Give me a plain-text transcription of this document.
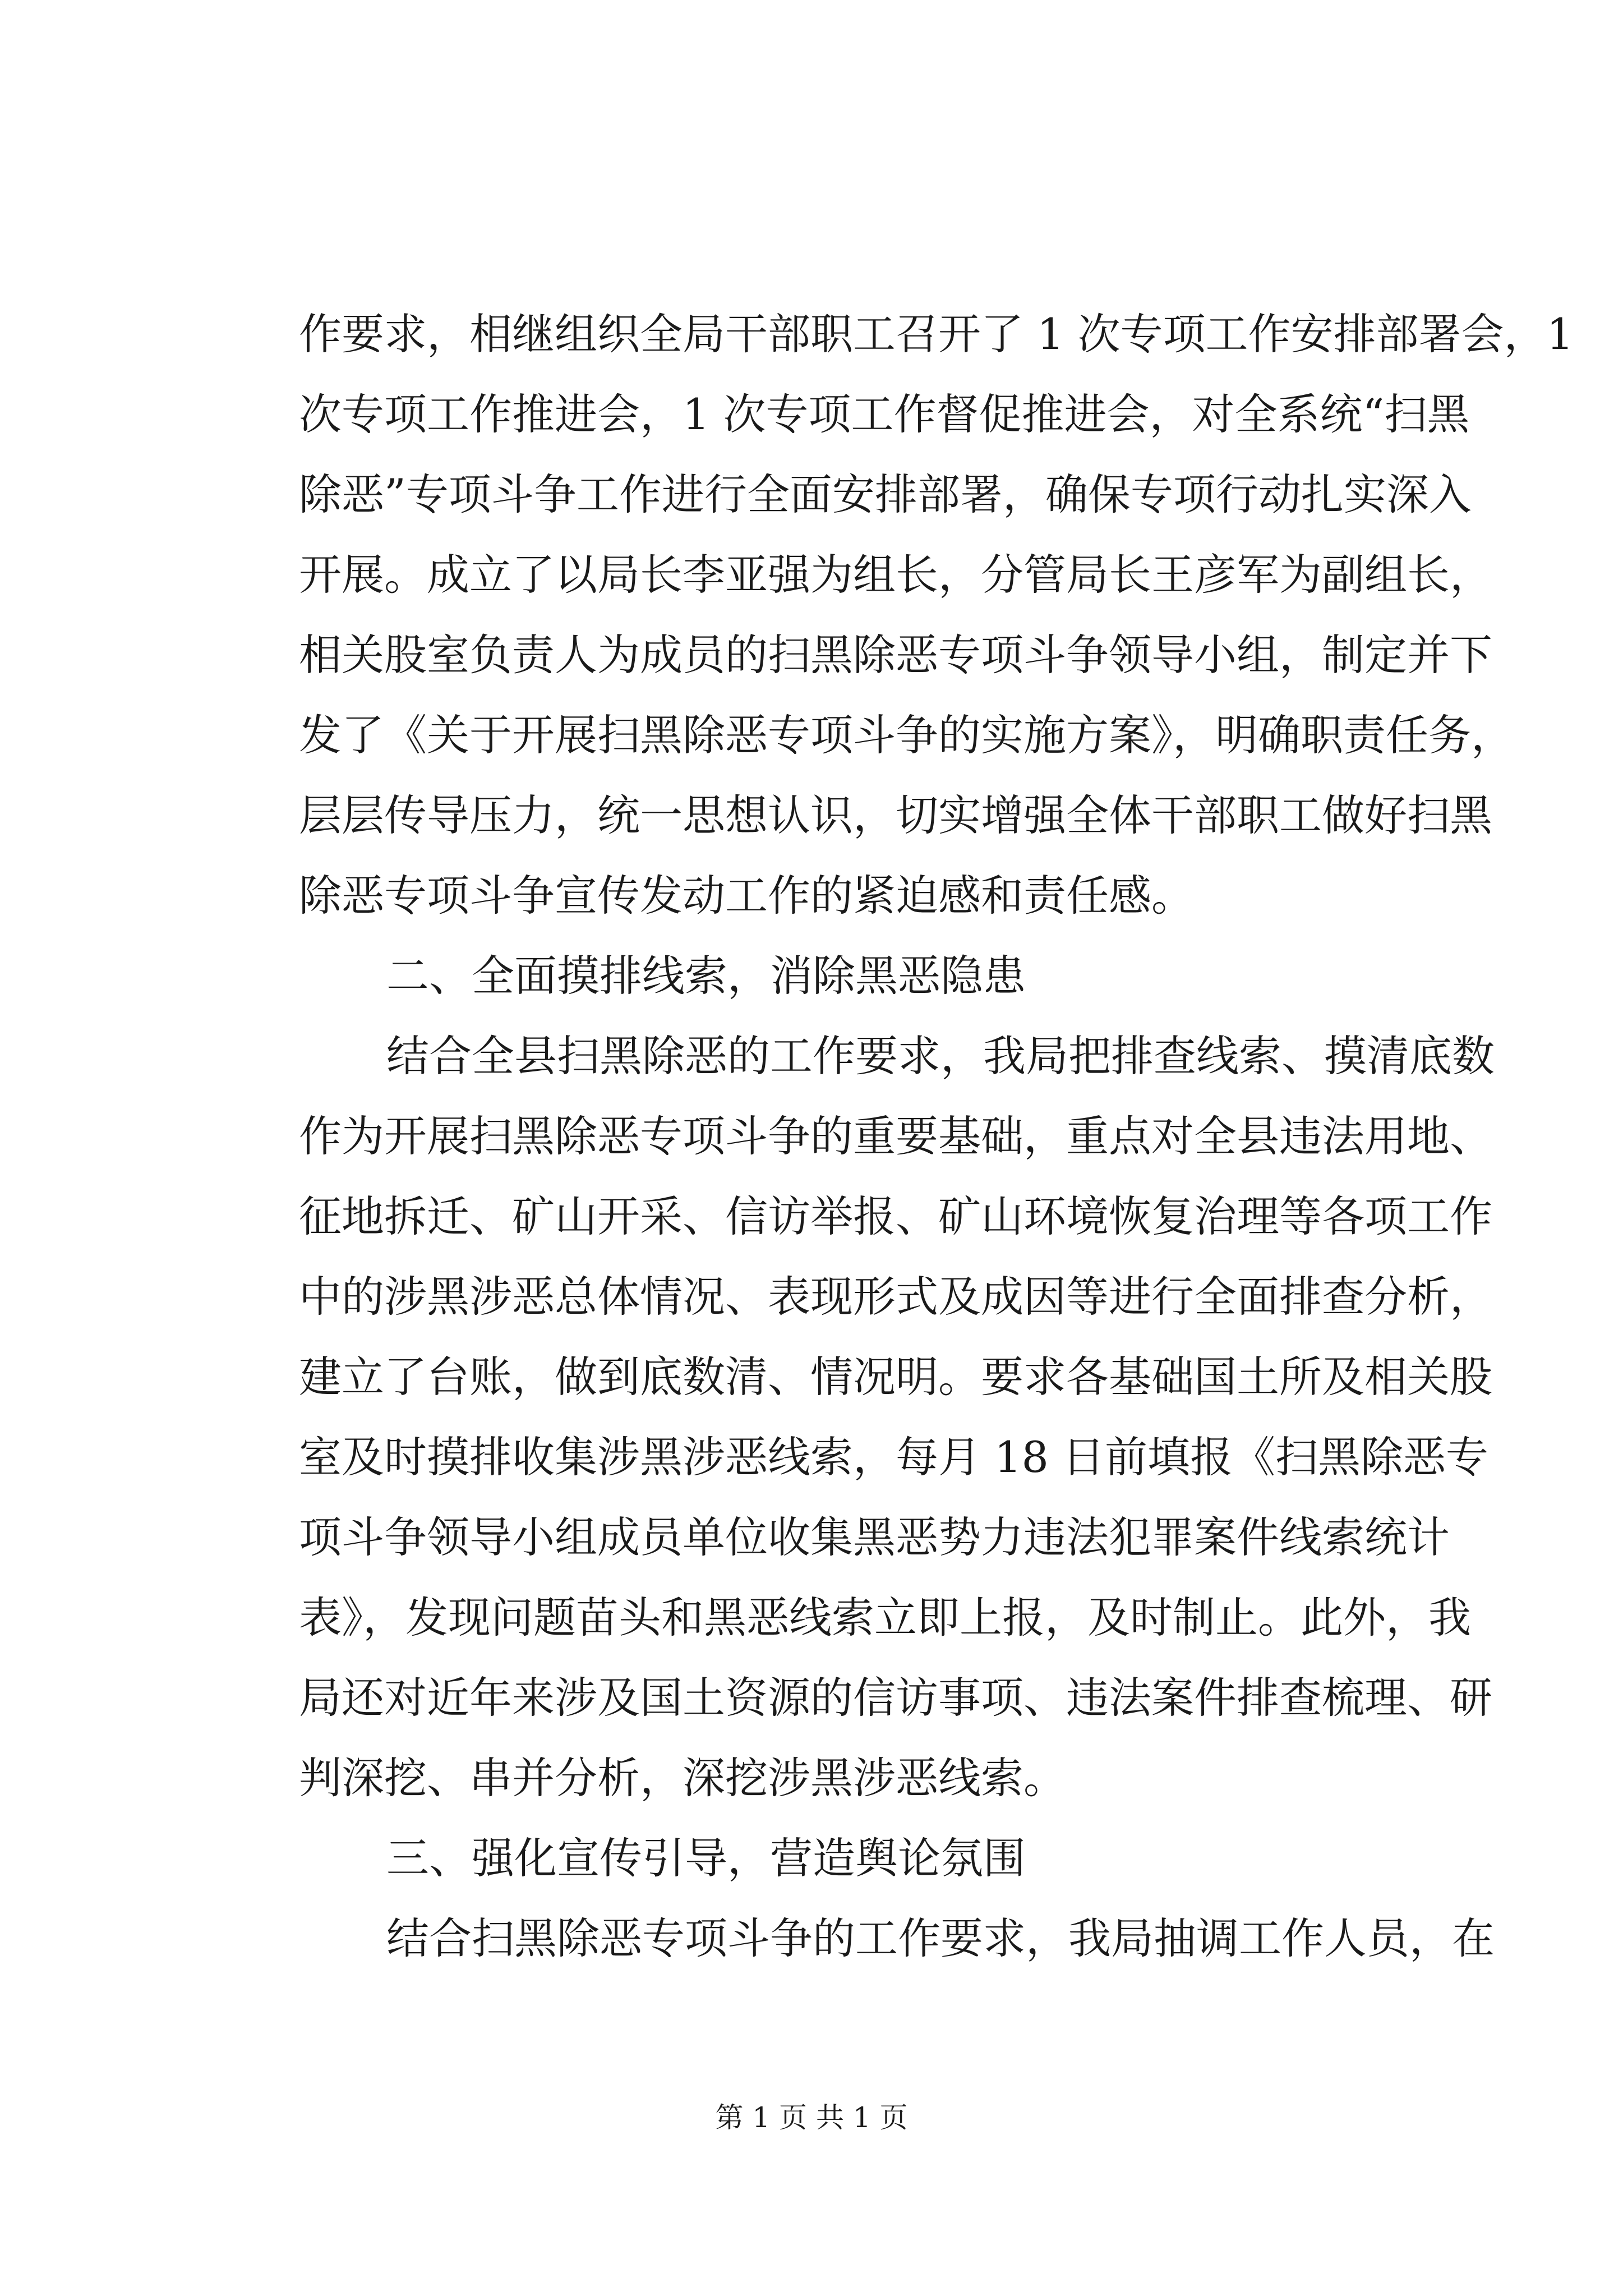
作要求，相继组织全局干部职工召开了 1 次专项工作安排部署会，1
次专项工作推进会，1 次专项工作督促推进会，对全系统“扫黑
除恶”专项斗争工作进行全面安排部署，确保专项行动扎实深入
开展。成立了以局长李亚强为组长，分管局长王彦军为副组长，
相关股室负责人为成员的扫黑除恶专项斗争领导小组，制定并下
发了《关于开展扫黑除恶专项斗争的实施方案》，明确职责任务，
层层传导压力，统一思想认识，切实增强全体干部职工做好扫黑
除恶专项斗争宣传发动工作的紧迫感和责任感。
二、全面摸排线索，消除黑恶隐患
结合全县扫黑除恶的工作要求，我局把排查线索、摸清底数
作为开展扫黑除恶专项斗争的重要基础，重点对全县违法用地、
征地拆迁、矿山开采、信访举报、矿山环境恢复治理等各项工作
中的涉黑涉恶总体情况、表现形式及成因等进行全面排查分析，
建立了台账，做到底数清、情况明。要求各基础国土所及相关股
室及时摸排收集涉黑涉恶线索，每月 18 日前填报《扫黑除恶专
项斗争领导小组成员单位收集黑恶势力违法犯罪案件线索统计
表》，发现问题苗头和黑恶线索立即上报，及时制止。此外，我
局还对近年来涉及国土资源的信访事项、违法案件排查梳理、研
判深挖、串并分析，深挖涉黑涉恶线索。
三、强化宣传引导，营造舆论氛围
结合扫黑除恶专项斗争的工作要求，我局抽调工作人员，在
第 1 页 共 1 页
